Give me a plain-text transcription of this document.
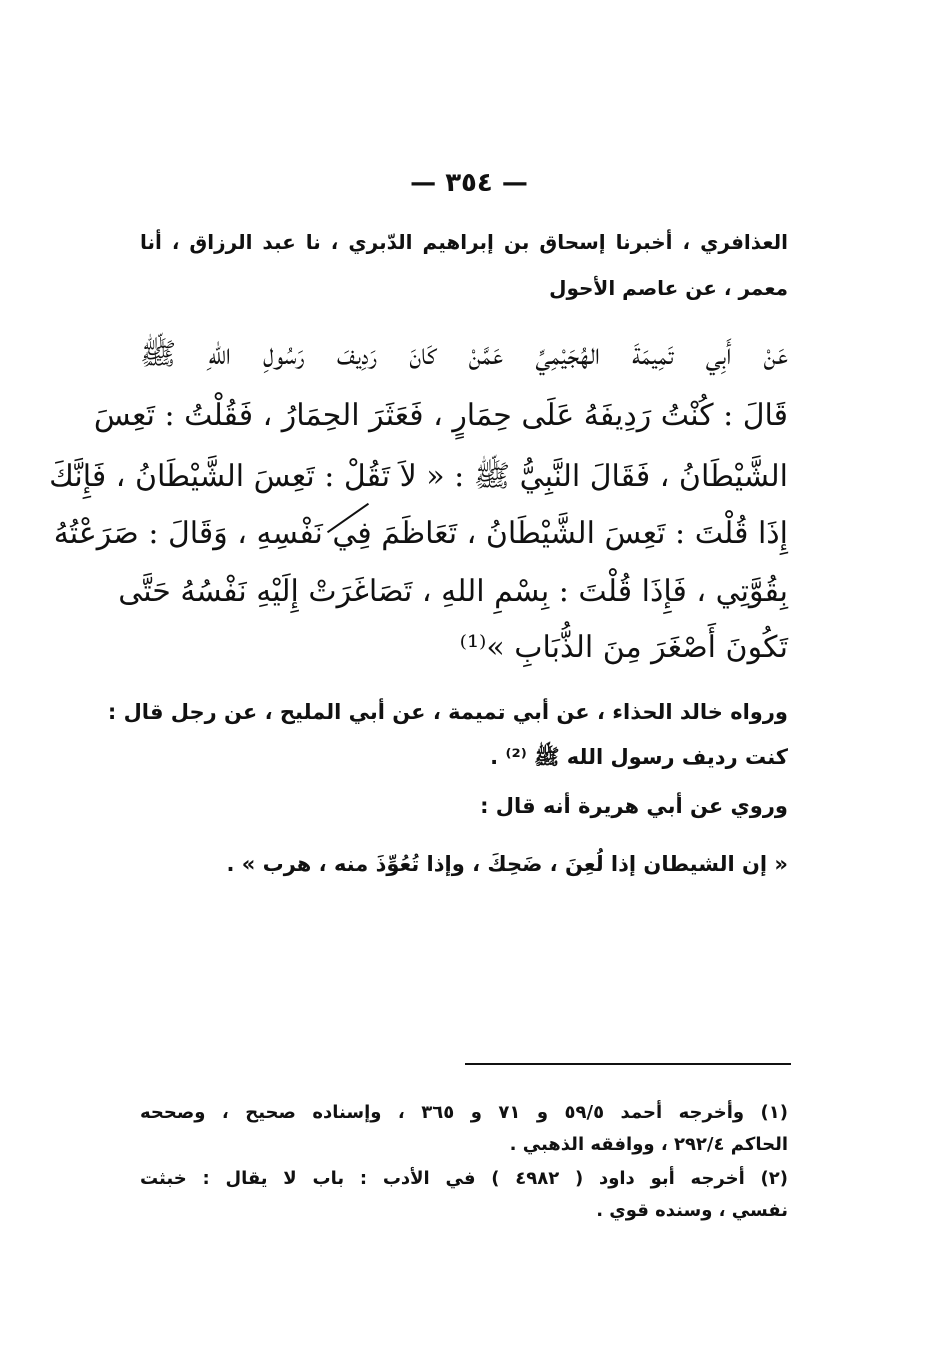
— ٣٥٤ —
العذافري ، أخبرنا إسحاق بن إبراهيم الدّبري ، نا عبد الرزاق ، أنا
معمر ، عن عاصم الأحول
عَنْ أَبِي تَمِيمَةَ الهُجَيْمِيِّ عَمَّنْ كَانَ رَدِيفَ رَسُولِ اللهِ ﷺ
قَالَ : كُنْتُ رَدِيفَهُ عَلَى حِمَارٍ ، فَعَثَرَ الحِمَارُ ، فَقُلْتُ : تَعِسَ
الشَّيْطَانُ ، فَقَالَ النَّبِيُّ ﷺ : « لاَ تَقُلْ : تَعِسَ الشَّيْطَانُ ، فَإِنَّكَ
إِذَا قُلْتَ : تَعِسَ الشَّيْطَانُ ، تَعَاظَمَ فِي نَفْسِهِ ، وَقَالَ : صَرَعْتُهُ
بِقُوَّتِي ، فَإِذَا قُلْتَ : بِسْمِ اللهِ ، تَصَاغَرَتْ إِلَيْهِ نَفْسُهُ حَتَّى
تَكُونَ أَصْغَرَ مِنَ الذُّبَابِ »⁽¹⁾
ورواه خالد الحذاء ، عن أبي تميمة ، عن أبي المليح ، عن رجل قال :
كنت رديف رسول الله ﷺ ⁽²⁾ .
وروي عن أبي هريرة أنه قال :
« إن الشيطان إذا لُعِنَ ، ضَحِكَ ، وإذا تُعُوِّذَ منه ، هرب » .
(١) وأخرجه أحمد ٥٩/٥ و ٧١ و ٣٦٥ ، وإسناده صحيح ، وصححه
الحاكم ٢٩٢/٤ ، ووافقه الذهبي .
(٢) أخرجه أبو داود ( ٤٩٨٢ ) في الأدب : باب لا يقال : خبثت
نفسي ، وسنده قوي .
